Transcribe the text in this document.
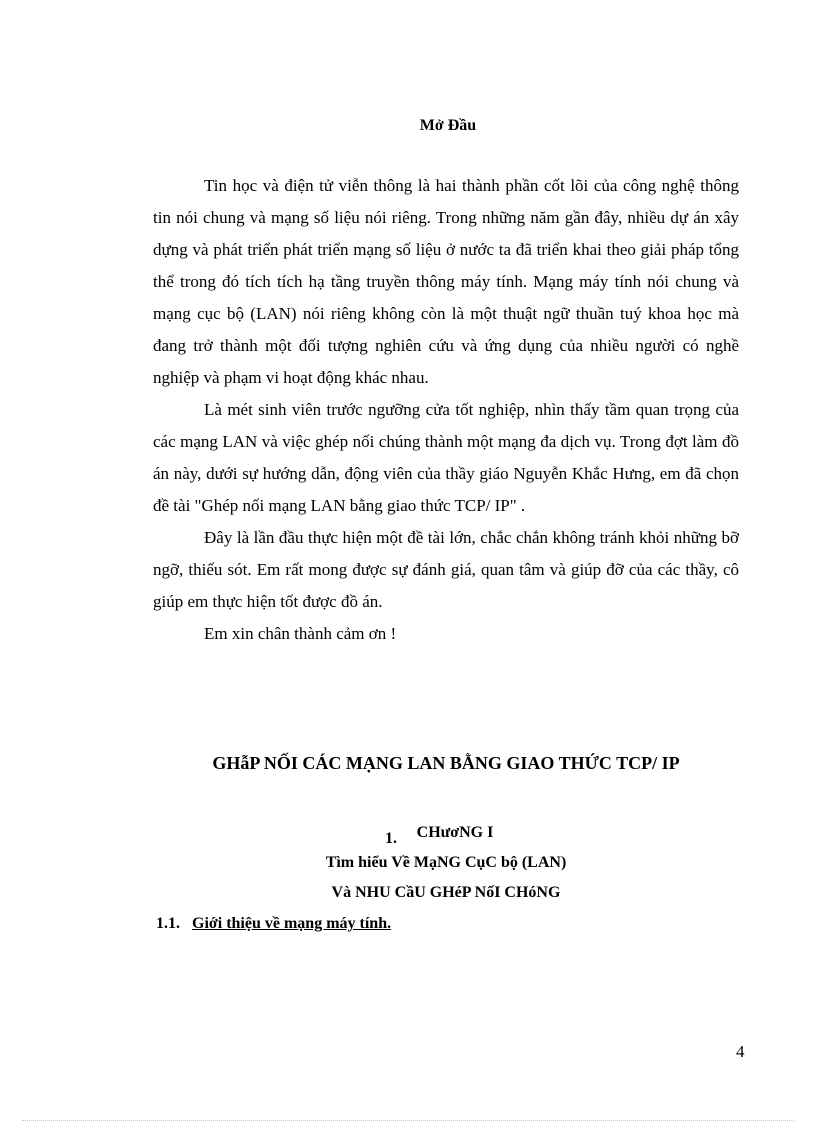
Mở Đầu

Tin học và điện tử viễn thông là hai thành phần cốt lõi của công nghệ thông tin nói chung và mạng số liệu nói riêng. Trong những năm gần đây, nhiều dự án xây dựng và phát triển phát triển mạng số liệu ở nước ta đã triển khai theo giải pháp tổng thể trong đó tích tích hạ tầng truyền thông máy tính. Mạng máy tính nói chung và mạng cục bộ (LAN) nói riêng không còn là một thuật ngữ thuần tuý khoa học mà đang trở thành một đối tượng nghiên cứu và ứng dụng của nhiều người có nghề nghiệp và phạm vi hoạt động khác nhau.

Là mét sinh viên trước ngưỡng cửa tốt nghiệp, nhìn thấy tầm quan trọng của các mạng LAN và việc ghép nối chúng thành một mạng đa dịch vụ. Trong đợt làm đồ án này, dưới sự hướng dẫn, động viên của thầy giáo Nguyễn Khắc Hưng, em đã chọn đề tài "Ghép nối mạng LAN bằng giao thức TCP/ IP" .

Đây là lần đầu thực hiện một đề tài lớn, chắc chắn không tránh khỏi những bỡ ngỡ, thiếu sót. Em rất mong được sự đánh giá, quan tâm và giúp đỡ của các thầy, cô giúp em thực hiện tốt được đồ án.

Em xin chân thành cảm ơn !

GHẫP NỐI CÁC MẠNG LAN BẰNG GIAO THỨC TCP/ IP
1. CHươNG I
Tìm hiểu Về MạNG CụC bộ (LAN)
Và NHU CầU GHéP NốI CHóNG
1.1. Giới thiệu về mạng máy tính.
4
